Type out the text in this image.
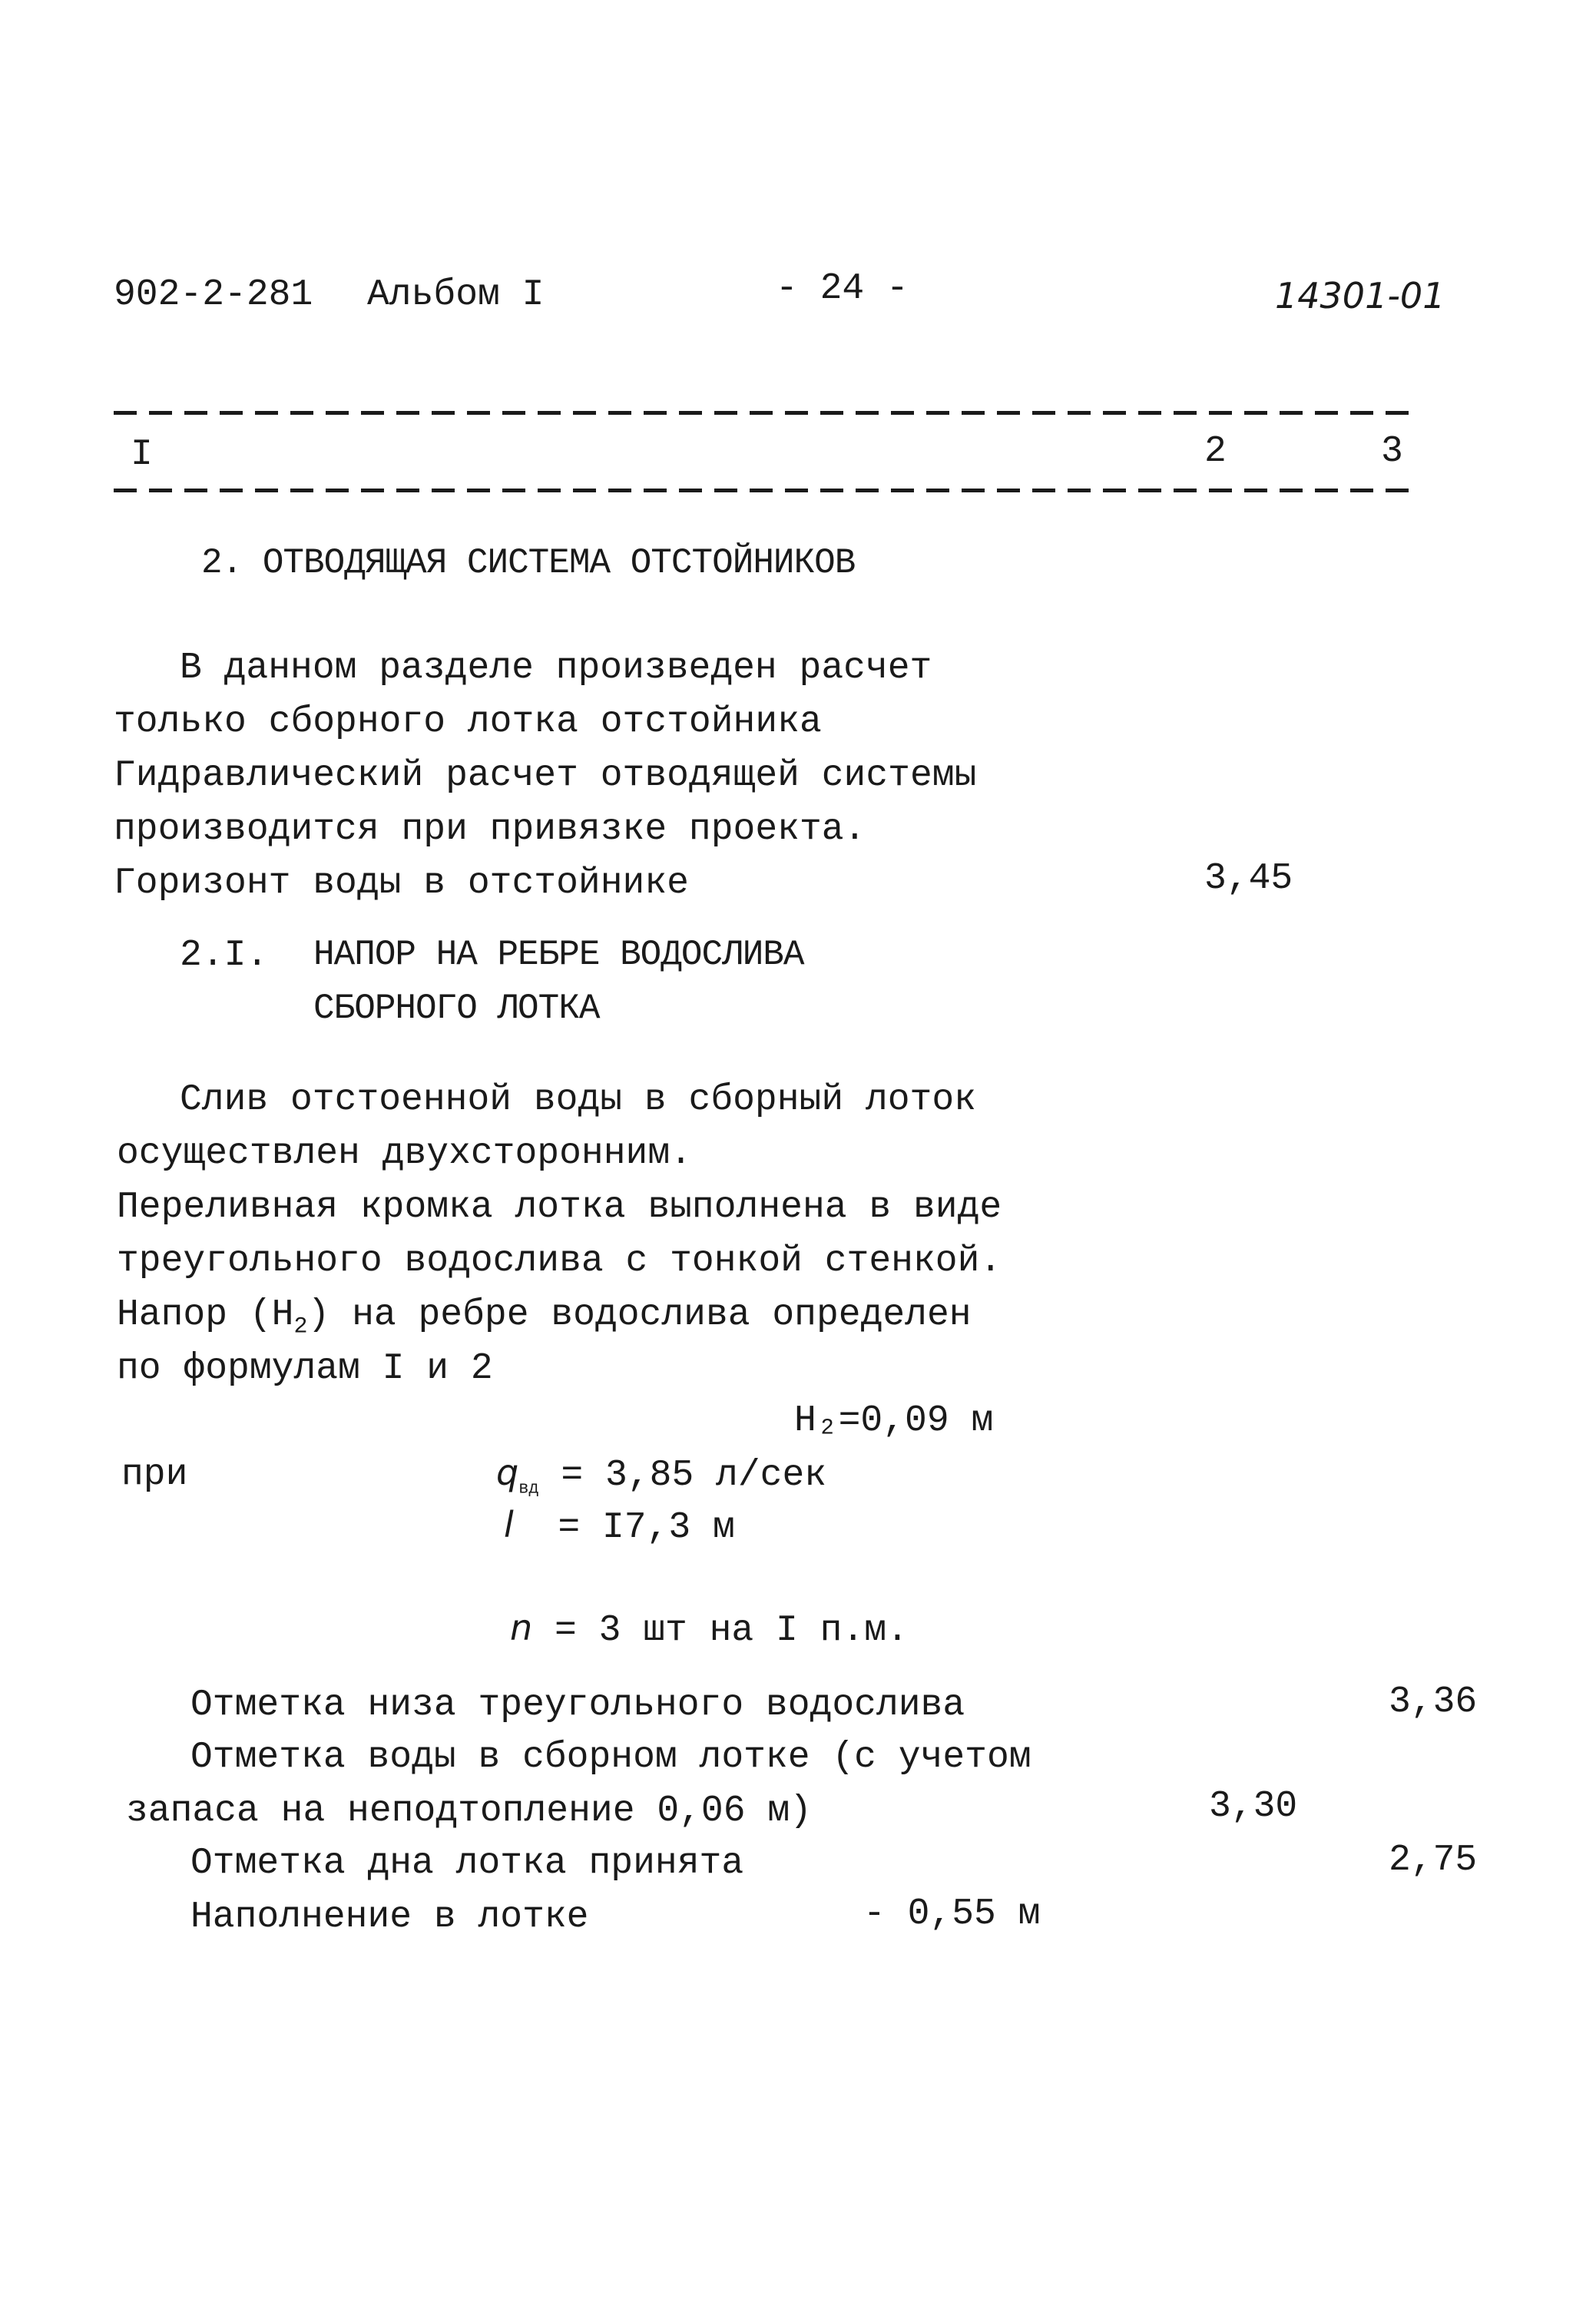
902-2-281 Альбом I	- 24 -	14301-01
I	2	3
2. ОТВОДЯЩАЯ СИСТЕМА ОТСТОЙНИКОВ
В данном разделе произведен расчет
только сборного лотка отстойника
Гидравлический расчет отводящей системы
производится при привязке проекта.
Горизонт воды в отстойнике	3,45
2.I. НАПОР НА РЕБРЕ ВОДОСЛИВА
СБОРНОГО ЛОТКА
Слив отстоенной воды в сборный лоток
осуществлен двухсторонним.
Переливная кромка лотка выполнена в виде
треугольного водослива с тонкой стенкой.
Напор $(H_2)$ на ребре водослива определен
по формулам I и 2
H₂=0,09 м
при	$q_{вд} = 3,85$ л/сек
l = I7,3 м
n = 3 шт на I п.м.
Отметка низа треугольного водослива	3,36
Отметка воды в сборном лотке (с учетом
запаса на неподтопление 0,06 м)	3,30
Отметка дна лотка принята	2,75
Наполнение в лотке	- 0,55 м
